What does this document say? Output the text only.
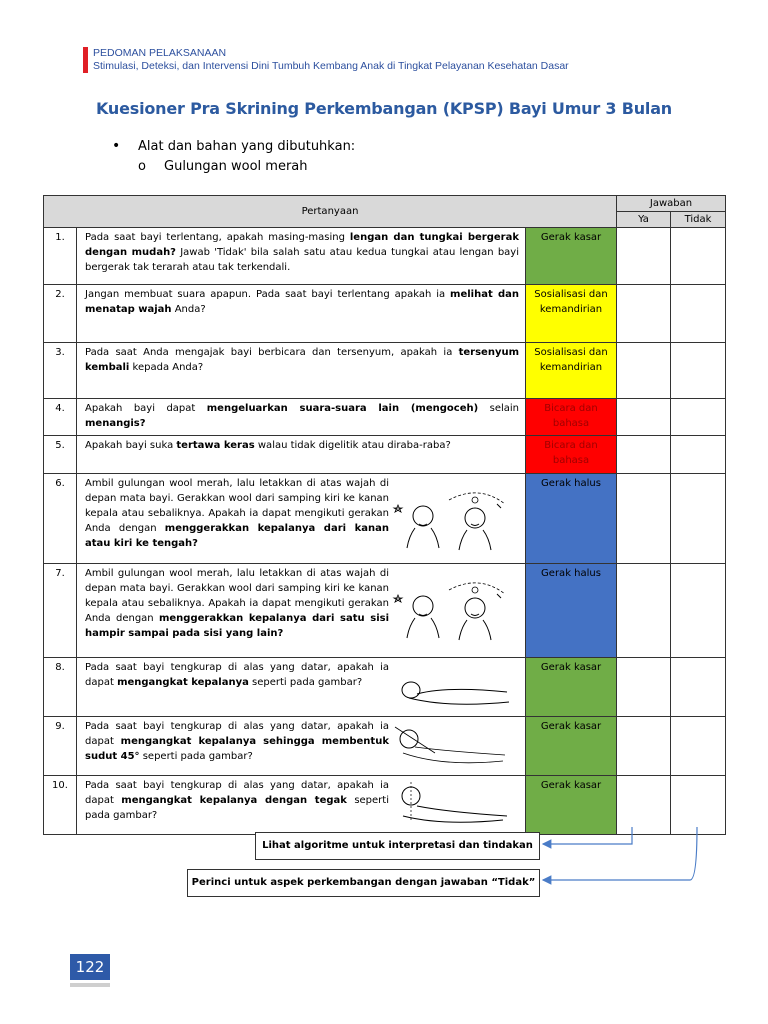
PEDOMAN PELAKSANAAN
Stimulasi, Deteksi, dan Intervensi Dini Tumbuh Kembang Anak di Tingkat Pelayanan Kesehatan Dasar
Kuesioner Pra Skrining Perkembangan (KPSP) Bayi Umur 3 Bulan
• Alat dan bahan yang dibutuhkan:
o Gulungan wool merah
Pertanyaan			Jawaban	
			Ya	Tidak
1.	Pada saat bayi terlentang, apakah masing-masing lengan dan tungkai bergerak dengan mudah? Jawab 'Tidak' bila salah satu atau kedua tungkai atau lengan bayi bergerak tak terarah atau tak terkendali.	Gerak kasar		
2.	Jangan membuat suara apapun. Pada saat bayi terlentang apakah ia melihat dan menatap wajah Anda?	Sosialisasi dan kemandirian		
3.	Pada saat Anda mengajak bayi berbicara dan tersenyum, apakah ia tersenyum kembali kepada Anda?	Sosialisasi dan kemandirian		
4.	Apakah bayi dapat mengeluarkan suara-suara lain (mengoceh) selain menangis?	Bicara dan bahasa		
5.	Apakah bayi suka tertawa keras walau tidak digelitik atau diraba-raba?	Bicara dan bahasa		
6.	Ambil gulungan wool merah, lalu letakkan di atas wajah di depan mata bayi. Gerakkan wool dari samping kiri ke kanan kepala atau sebaliknya. Apakah ia dapat mengikuti gerakan Anda dengan menggerakkan kepalanya dari kanan atau kiri ke tengah?	Gerak halus		
7.	Ambil gulungan wool merah, lalu letakkan di atas wajah di depan mata bayi. Gerakkan wool dari samping kiri ke kanan kepala atau sebaliknya. Apakah ia dapat mengikuti gerakan Anda dengan menggerakkan kepalanya dari satu sisi hampir sampai pada sisi yang lain?	Gerak halus		
8.	Pada saat bayi tengkurap di alas yang datar, apakah ia dapat mengangkat kepalanya seperti pada gambar?	Gerak kasar		
9.	Pada saat bayi tengkurap di alas yang datar, apakah ia dapat mengangkat kepalanya sehingga membentuk sudut 45° seperti pada gambar?	Gerak kasar		
10.	Pada saat bayi tengkurap di alas yang datar, apakah ia dapat mengangkat kepalanya dengan tegak seperti pada gambar?	Gerak kasar		
Lihat algoritme untuk interpretasi dan tindakan
Perinci untuk aspek perkembangan dengan jawaban “Tidak”
122
